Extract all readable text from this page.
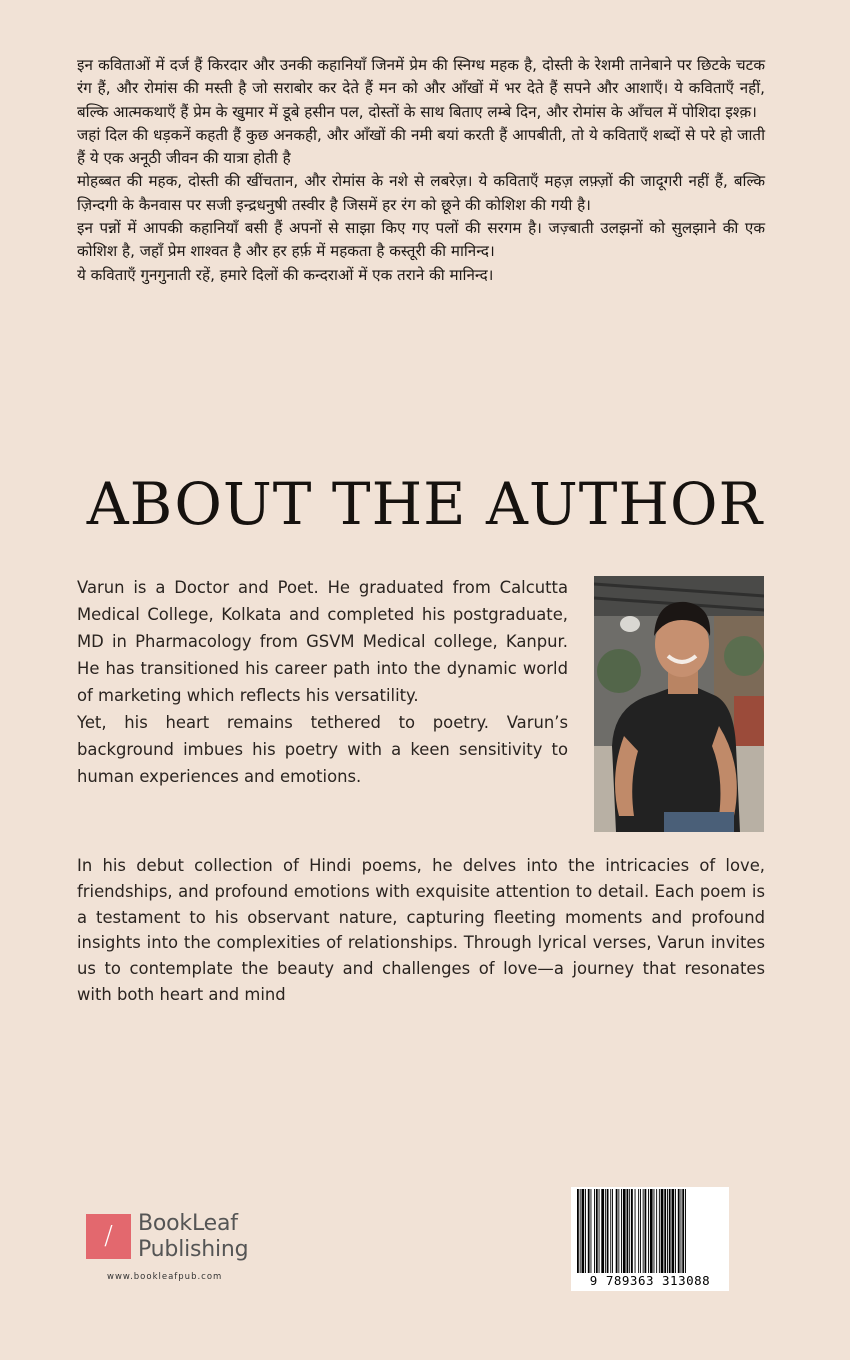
इन कविताओं में दर्ज हैं किरदार और उनकी कहानियाँ जिनमें प्रेम की स्निग्ध महक है, दोस्ती के रेशमी तानेबाने पर छिटके चटक रंग हैं, और रोमांस की मस्ती है जो सराबोर कर देते हैं मन को और आँखों में भर देते हैं सपने और आशाएँ। ये कविताएँ नहीं, बल्कि आत्मकथाएँ हैं प्रेम के खुमार में डूबे हसीन पल, दोस्तों के साथ बिताए लम्बे दिन, और रोमांस के आँचल में पोशिदा इश्क़।

जहां दिल की धड़कनें कहती हैं कुछ अनकही, और आँखों की नमी बयां करती हैं आपबीती, तो ये कविताएँ शब्दों से परे हो जाती हैं ये एक अनूठी जीवन की यात्रा होती है

मोहब्बत की महक, दोस्ती की खींचतान, और रोमांस के नशे से लबरेज़। ये कविताएँ महज़ लफ़्ज़ों की जादूगरी नहीं हैं, बल्कि ज़िन्दगी के कैनवास पर सजी इन्द्रधनुषी तस्वीर है जिसमें हर रंग को छूने की कोशिश की गयी है।

इन पन्नों में आपकी कहानियाँ बसी हैं अपनों से साझा किए गए पलों की सरगम है। जज़्बाती उलझनों को सुलझाने की एक कोशिश है, जहाँ प्रेम शाश्वत है और हर हर्फ़ में महकता है कस्तूरी की मानिन्द।

ये कविताएँ गुनगुनाती रहें, हमारे दिलों की कन्दराओं में एक तराने की मानिन्द।

ABOUT THE AUTHOR

Varun is a Doctor and Poet. He graduated from Calcutta Medical College, Kolkata and completed his postgraduate, MD in Pharmacology from GSVM Medical college, Kanpur. He has transitioned his career path into the dynamic world of marketing which reflects his versatility.

Yet, his heart remains tethered to poetry. Varun’s background imbues his poetry with a keen sensitivity to human experiences and emotions.

In his debut collection of Hindi poems, he delves into the intricacies of love, friendships, and profound emotions with exquisite attention to detail. Each poem is a testament to his observant nature, capturing fleeting moments and profound insights into the complexities of relationships. Through lyrical verses, Varun invites us to contemplate the beauty and challenges of love—a journey that resonates with both heart and mind

/	BookLeaf
Publishing
www.bookleafpub.com	9 789363 313088
